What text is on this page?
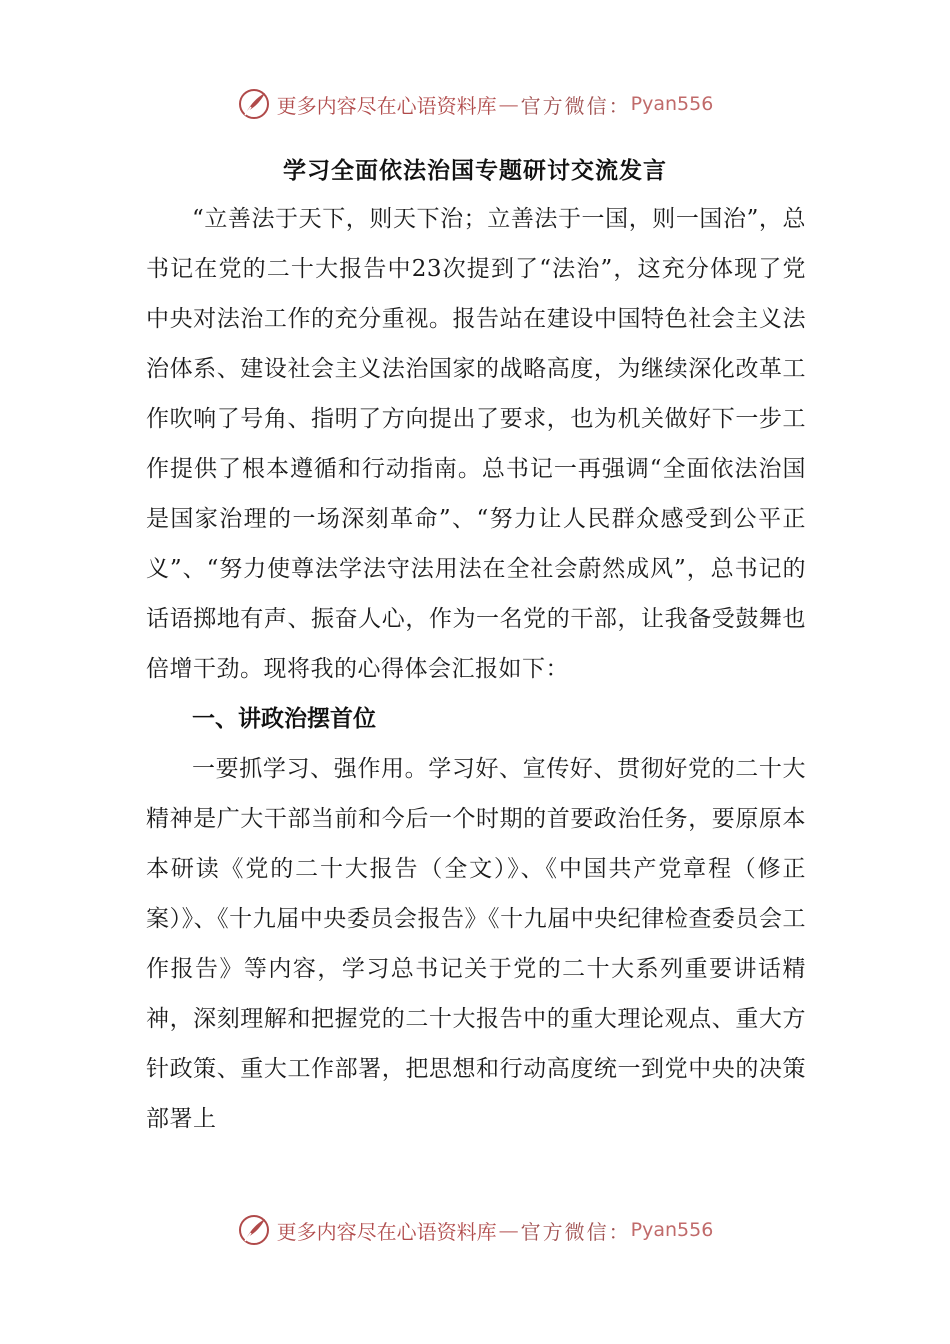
更多内容尽在心语资料库 — 官方微信： Pyan556
学习全面依法治国专题研讨交流发言

“立善法于天下，则天下治；立善法于一国，则一国治”，总书记在党的二十大报告中23次提到了“法治”，这充分体现了党中央对法治工作的充分重视。报告站在建设中国特色社会主义法治体系、建设社会主义法治国家的战略高度，为继续深化改革工作吹响了号角、指明了方向提出了要求，也为机关做好下一步工作提供了根本遵循和行动指南。总书记一再强调“全面依法治国是国家治理的一场深刻革命”、“努力让人民群众感受到公平正义”、“努力使尊法学法守法用法在全社会蔚然成风”，总书记的话语掷地有声、振奋人心，作为一名党的干部，让我备受鼓舞也倍增干劲。现将我的心得体会汇报如下：

一、讲政治摆首位

一要抓学习、强作用。学习好、宣传好、贯彻好党的二十大精神是广大干部当前和今后一个时期的首要政治任务，要原原本本研读《党的二十大报告（全文）》、《中国共产党章程（修正案）》、《十九届中央委员会报告》《十九届中央纪律检查委员会工作报告》等内容，学习总书记关于党的二十大系列重要讲话精神，深刻理解和把握党的二十大报告中的重大理论观点、重大方针政策、重大工作部署，把思想和行动高度统一到党中央的决策部署上

更多内容尽在心语资料库 — 官方微信： Pyan556
